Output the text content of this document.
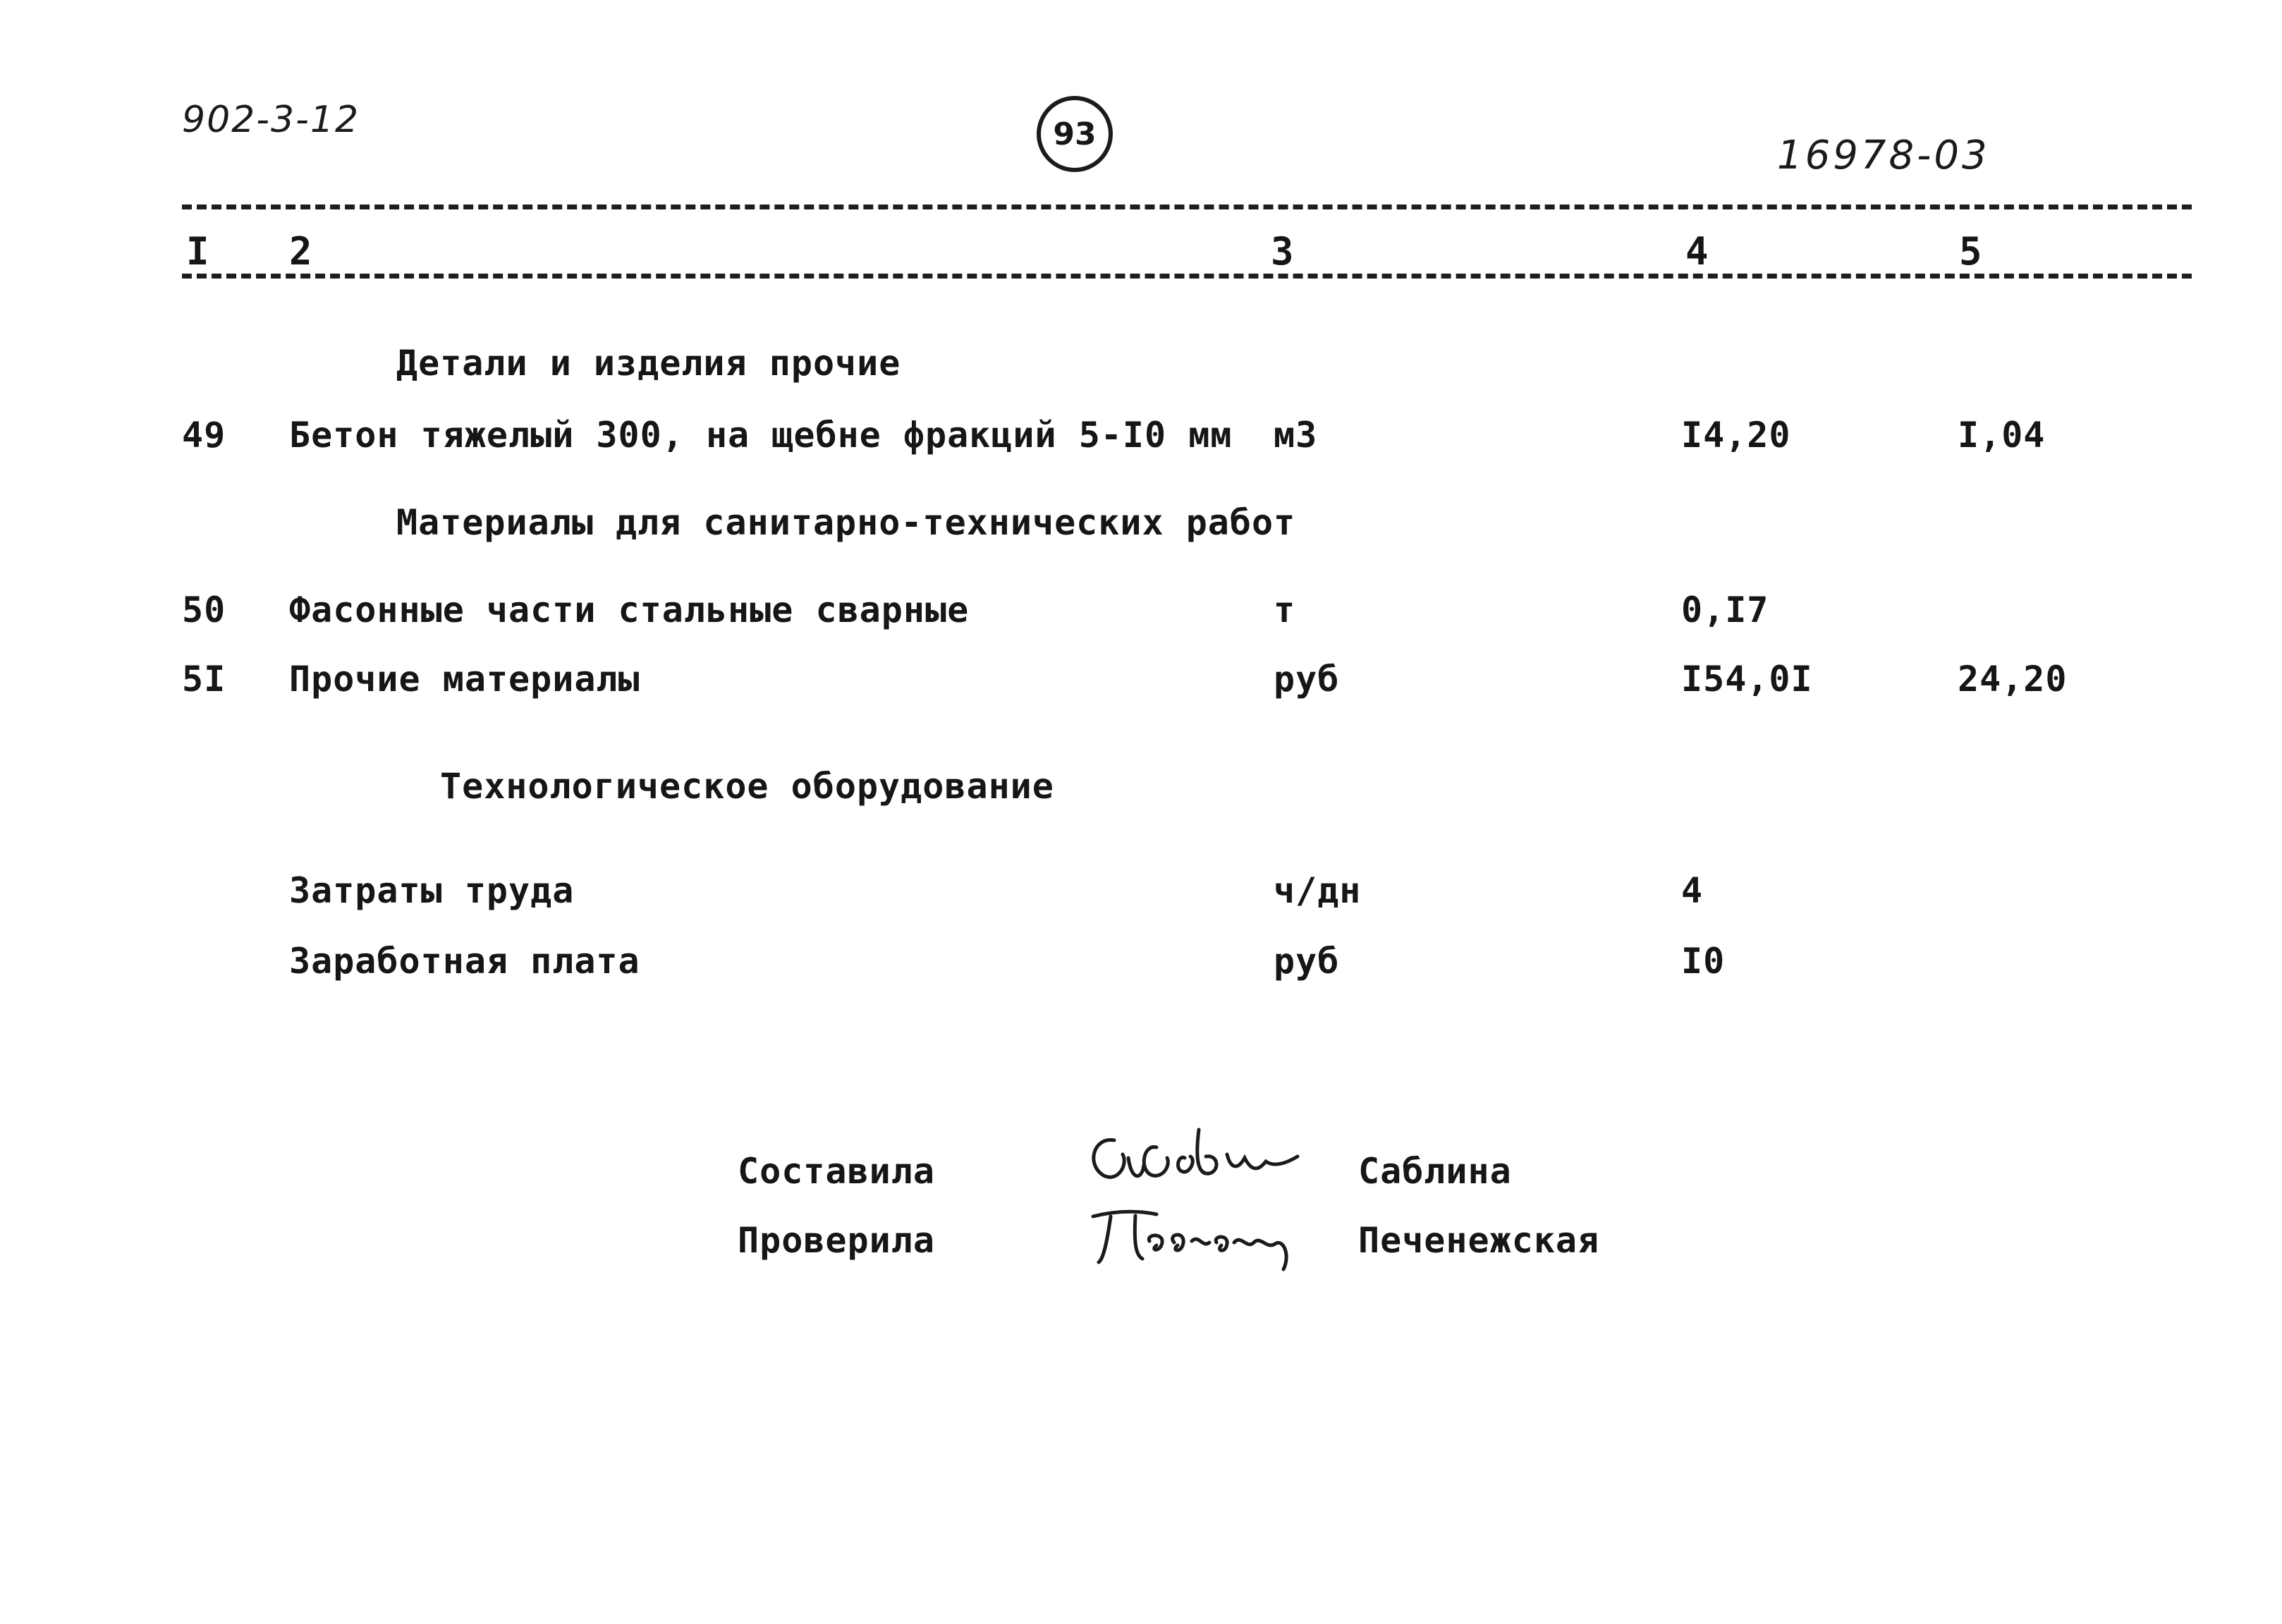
902-3-12	93	16978-03
I 2	3	4	5
Детали и изделия прочие
49 Бетон тяжелый 300, на щебне фракций 5-I0 мм м3	I4,20	I,04
Материалы для санитарно-технических работ
50 Фасонные части стальные сварные	т	0,I7
5I Прочие материалы	руб	I54,0I	24,20
Технологическое оборудование
Затраты труда	ч/дн	4
Заработная плата	руб	I0
Составила	Саблина
Проверила	Печенежская
